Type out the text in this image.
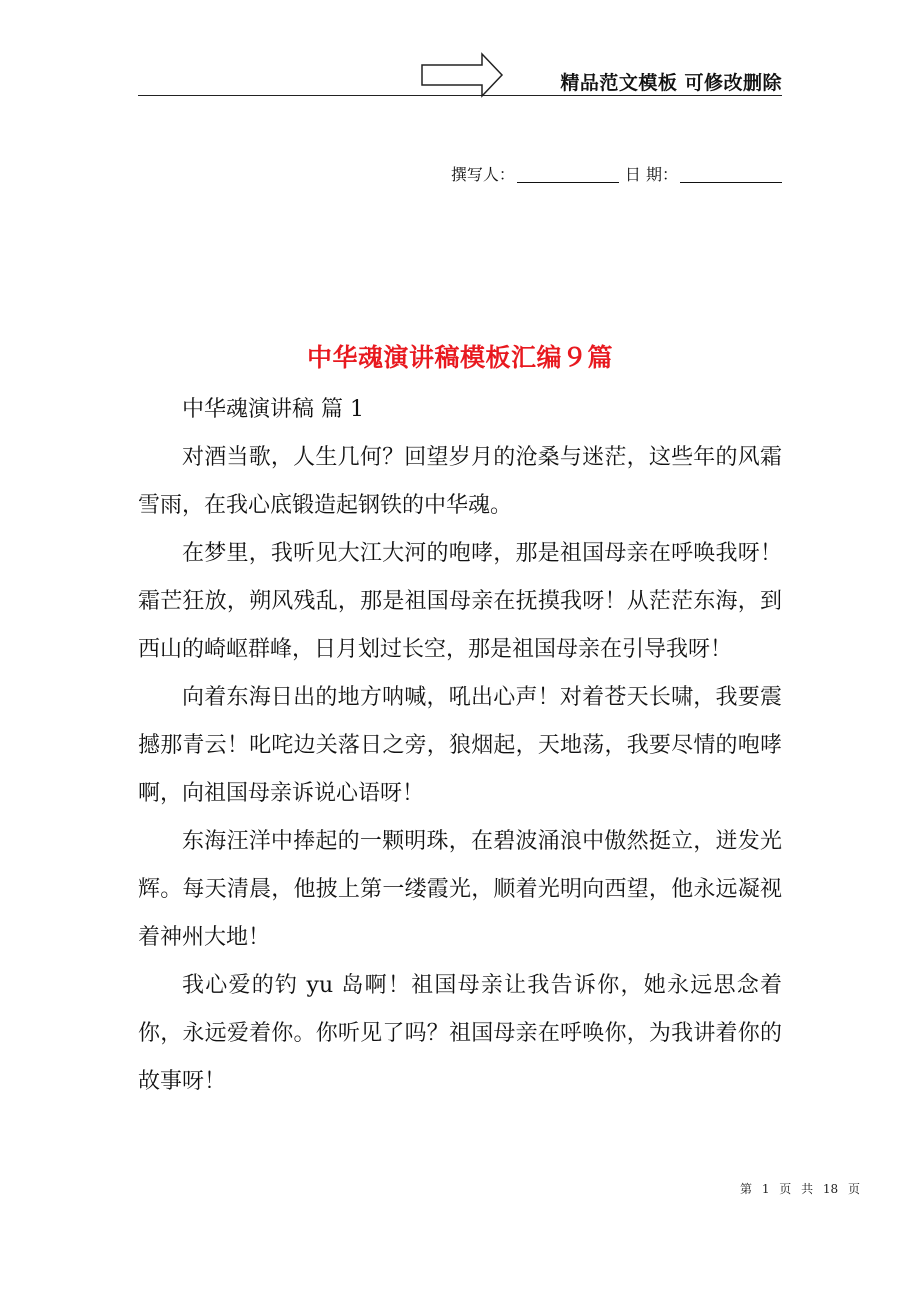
精品范文模板 可修改删除
撰写人：	日 期：
中华魂演讲稿模板汇编９篇

中华魂演讲稿 篇 1

对酒当歌，人生几何？回望岁月的沧桑与迷茫，这些年的风霜雪雨，在我心底锻造起钢铁的中华魂。

在梦里，我听见大江大河的咆哮，那是祖国母亲在呼唤我呀！霜芒狂放，朔风残乱，那是祖国母亲在抚摸我呀！从茫茫东海，到西山的崎岖群峰，日月划过长空，那是祖国母亲在引导我呀！

向着东海日出的地方呐喊，吼出心声！对着苍天长啸，我要震撼那青云！叱咤边关落日之旁，狼烟起，天地荡，我要尽情的咆哮啊，向祖国母亲诉说心语呀！

东海汪洋中捧起的一颗明珠，在碧波涌浪中傲然挺立，迸发光辉。每天清晨，他披上第一缕霞光，顺着光明向西望，他永远凝视着神州大地！

我心爱的钓 yu 岛啊！祖国母亲让我告诉你，她永远思念着你，永远爱着你。你听见了吗？祖国母亲在呼唤你，为我讲着你的故事呀！

第 1 页 共 18 页
